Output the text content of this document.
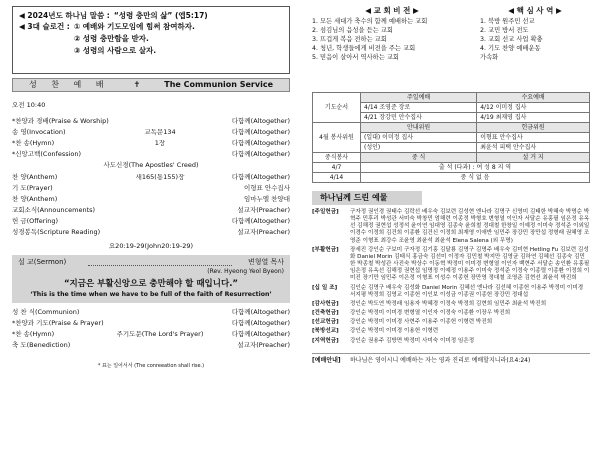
◀ 2024년도 하나님 말씀 : “성령 충만의 삶” (엡5:17)
◀ 3대 슬로건 : ① 예배와 기도모임에 힘써 참여하자.
② 성령 충만함을 받자.
③ 성령의 사람으로 살자.
성 찬 예 배	✝	The Communion Service
오전 10:40
*찬양과 경배(Praise & Worship)	다함께(Altogether)
송 영(Invocation)	교독문134	다함께(Altogether)
*찬 송(Hymn)	1장	다함께(Altogether)
*신앙고백(Confession)	다함께(Altogether)
사도신경(The Apostles' Creed)
찬 양(Anthem)	새165(통155)장	다함께(Altogether)
기 도(Prayer)	이형표 안수집사
찬 양(Anthem)	임마누엘 찬양대
교회소식(Announcements)	설교자(Preacher)
헌 금(Offering)	다함께(Altogether)
성경봉독(Scripture Reading)	설교자(Preacher)
요20:19-29(John20:19-29)
설 교(Sermon)	변형열 목사
(Rev. Hyeong Yeol Byeon)
“지금은 부활신앙으로 충만해야 할 때입니다.”
‘This is the time when we have to be full of the faith of Resurrection’
성 찬 식(Communion)	다함께(Altogether)
*찬양과 기도(Praise & Prayer)	다함께(Altogether)
*찬 송(Hymn)	주기도문(The Lord's Prayer)	다함께(Altogether)
축 도(Benediction)	설교자(Preacher)
* 표는 일어서서 (The conreeation shall rise.)
◀ 교 회 비 전 ▶
1. 모든 세대가 축수의 함께 예배하는 교회
2. 섬김님의 음성을 듣는 교회
3. 뜨겁게 복음 전하는 교회
4. 청년, 학생들에게 비전을 주는 교회
5. 믿음이 살아서 역사하는 교회
◀ 핵 심 사 역 ▶
1. 북방 원주민 선교
2. 교민 방서 전도
3. 교회 선교 사업 확충
4. 기도 찬양 예배운동
가속화
기도순서	주일예배	수요예배
	4/14 조영준 장로	4/12 이미정 집사
	4/21 장강민 안수집사	4/19 최재영 집사
4월 봉사위원	안내위원	헌금위원
	(일대) 이미정 집사	이형표 안수집사
	(성인)	최윤석 피택 안수집사
중식봉사	중 식	설 거 지
4/7	출 석 (다과) : 여 성 8 지 역	
4/14	중 식 없 음	
하나님께 드린 예물
[주일헌금]	구자정 권인경 권태수 김락선 배우숙 김보련 김성현 엔나라 김명구 신영미 김태한 박혜숙 박명순 박혁주 민후리 박성관 서미숙 박창민 엄해련 이종정 박형호 변형열 이인자 서달순 유홍필 임은정 유옥선 김해정 권현섭 성정석 윤이연 임대영 김종숙 윤희철 정대철 한창일 이예정 이미숙 정석준 이외일 이경수 이정희 김건희 이종환 김건신 이정희 최재영 이애반 임민주 장강민 장만섭 정형래 권혜영 조영준 이형표 최강수 조윤영 최윤석 최윤석 Elena Salena (외 무명)
[부활헌금]	장세진 강인순 구보미 구자정 김기홍 김달룡 김명구 김명주 배우숙 김미현 Hetling Fu 김보련 김성화 Daniel Morin 김태식 홍금숙 김선미 이정자 김민철 박지만 김영균 김하연 김혜선 김종숙 김민한 박종철 박성관 사진숙 박상수 이동혁 박정미 이미경 변형열 이인자 백현주 서달순 송인환 유홍필 임은정 유옥선 김해정 권현섭 임명정 이예정 이용주 이미숙 정석준 이정숙 이종렬 이종환 이정희 이미진 장기만 임민주 이은정 이형표 이성수 이종헌 장만영 정대철 조영준 김현선 최윤석 박진희
[십 일 조]	김인순 김명구 배우숙 김성화 Daniel Morin 김혜선 엔나라 김선혜 이종헌 이용주 박정미 이미경 서지평 박정희 김영교 이종헌 이인보 이성금 이종권 이종헌 장강민 정대섭
[감사헌금]	정인순 박도연 박정래 임용자 박혜경 이정숙 박정희 김현희 임민주 최윤석 박진희
[건축헌금]	강인순 박정미 이미경 변형열 이인자 이정숙 이종환 이장우 박진희
[선교헌금]	강인순 박정미 이미경 사현주 이용주 이종헌 이형련 박진희
[북방선교]	강인순 박정미 이미경 이용헌 이형련
[지역헌금]	강인순 권용주 김방면 박정미 사미숙 이미정 임은정
[예배안내]	하나님은 영이시니 예배하는 자는 영과 진리로 예배할지니라(요4:24)
